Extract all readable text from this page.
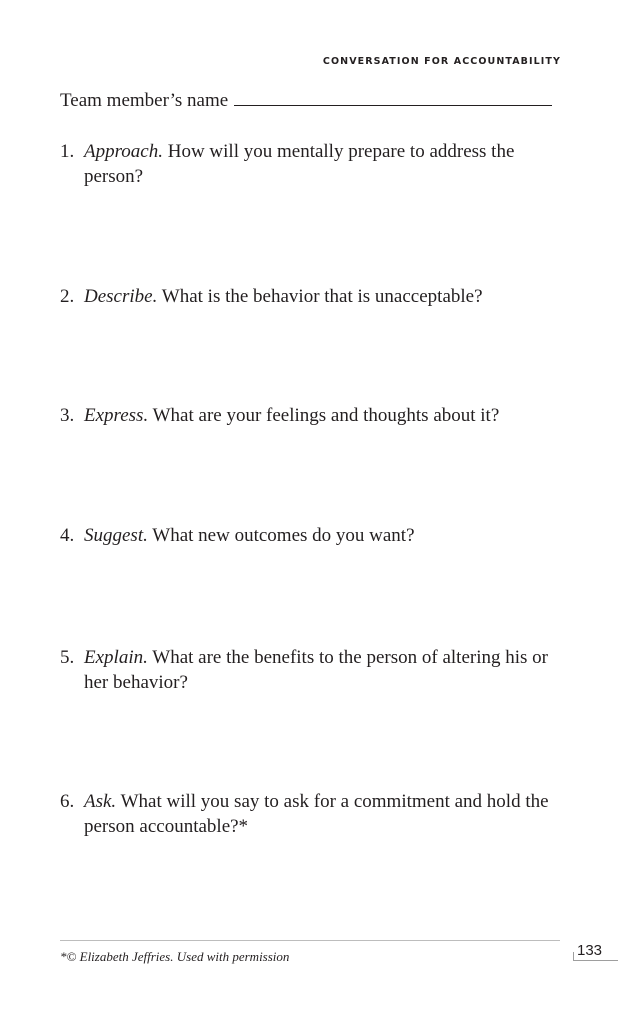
CONVERSATION FOR ACCOUNTABILITY
Team member’s name
1. Approach. How will you mentally prepare to address the person?
2. Describe. What is the behavior that is unacceptable?
3. Express. What are your feelings and thoughts about it?
4. Suggest. What new outcomes do you want?
5. Explain. What are the benefits to the person of altering his or her behavior?
6. Ask. What will you say to ask for a commitment and hold the person accountable?*
*© Elizabeth Jeffries. Used with permission	133
